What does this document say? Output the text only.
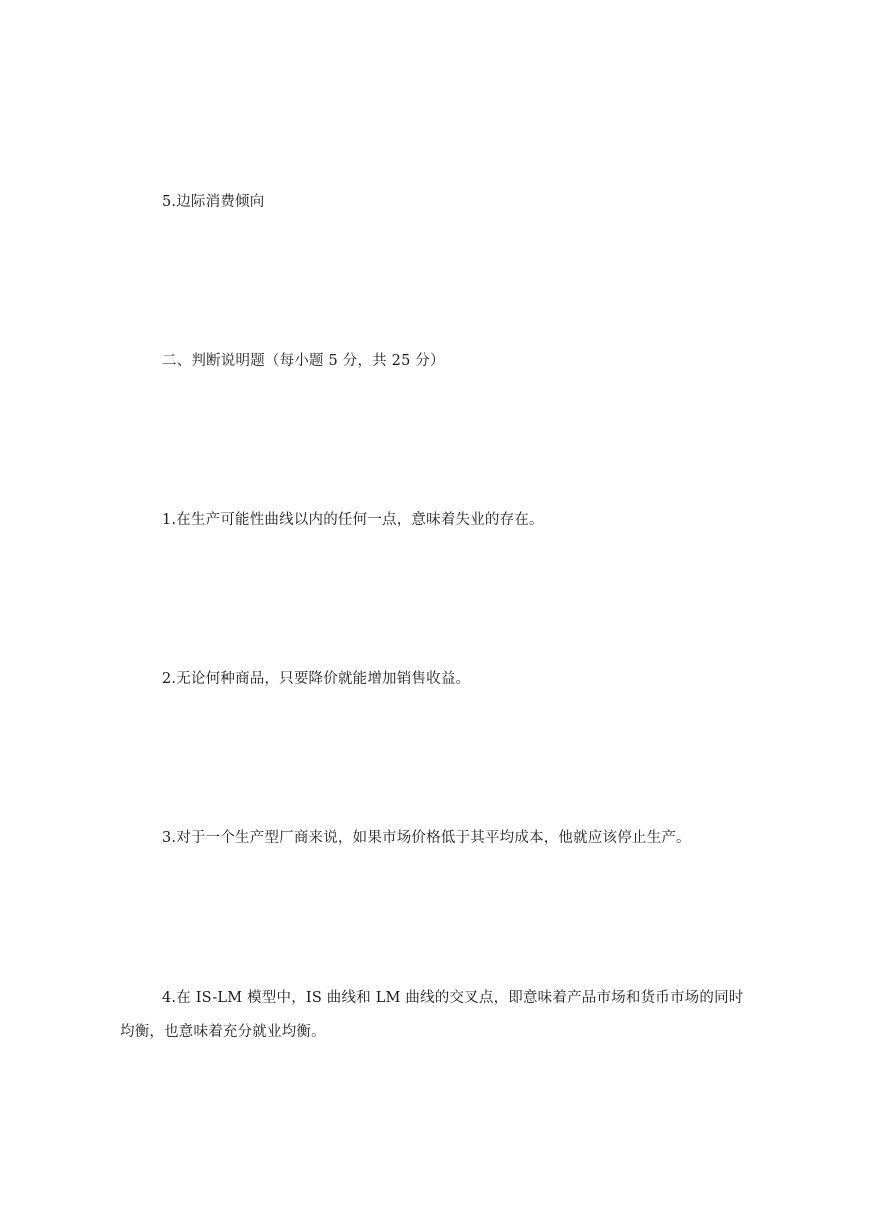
5.边际消费倾向
二、判断说明题（每小题 5 分，共 25 分）
1.在生产可能性曲线以内的任何一点，意味着失业的存在。
2.无论何种商品，只要降价就能增加销售收益。
3.对于一个生产型厂商来说，如果市场价格低于其平均成本，他就应该停止生产。
4.在 IS-LM 模型中，IS 曲线和 LM 曲线的交叉点，即意味着产品市场和货币市场的同时
均衡，也意味着充分就业均衡。
